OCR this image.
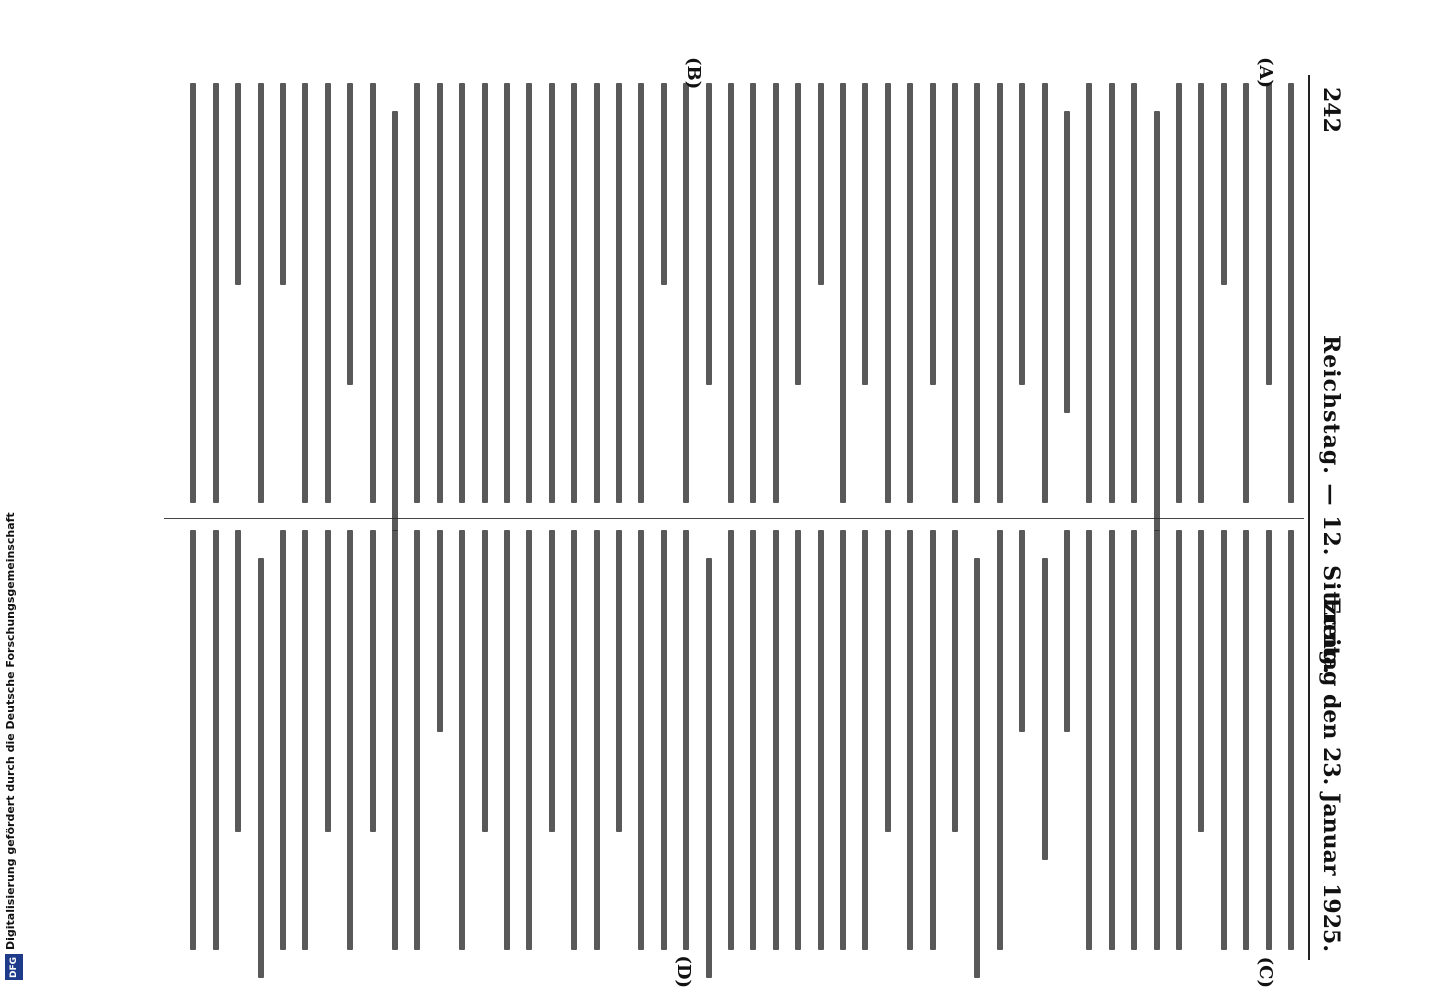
242
Reichstag. — 12. Sitzung.
Freitag den 23. Januar 1925.
(A)
(B)
(C)
(D)
Digitalisierung gefördert durch die Deutsche Forschungsgemeinschaft
DFG
